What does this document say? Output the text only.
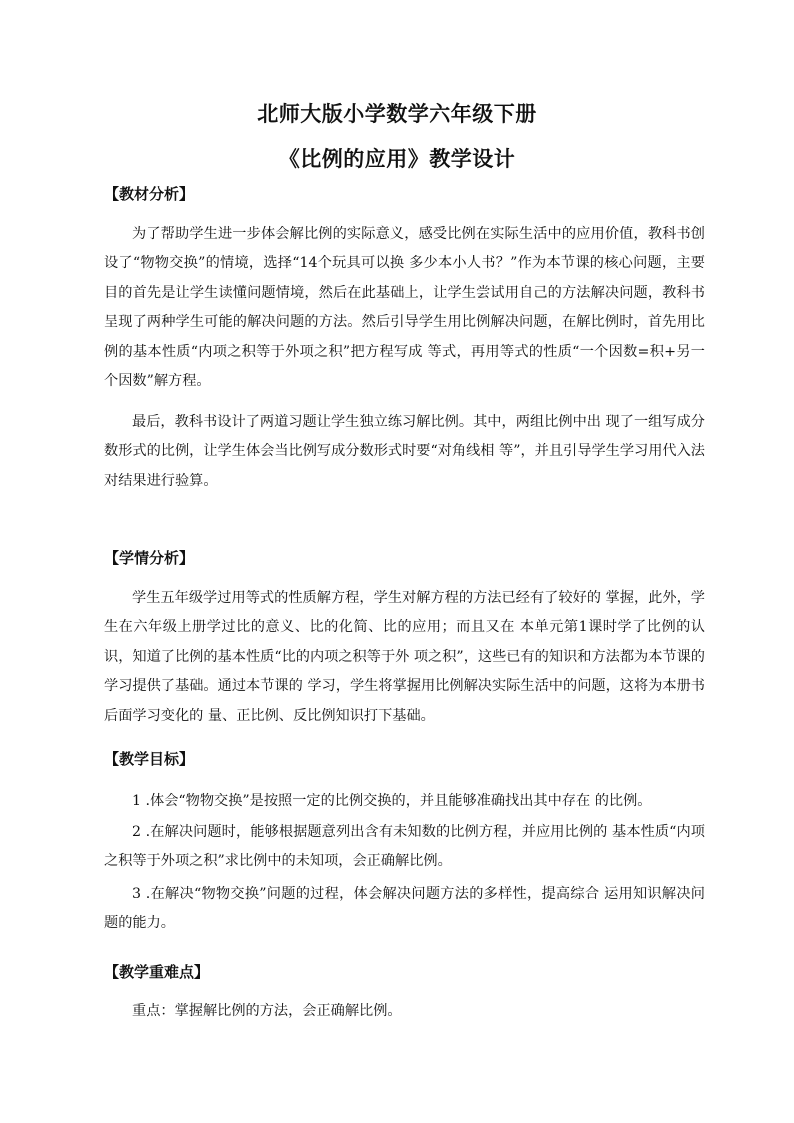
北师大版小学数学六年级下册
《比例的应用》教学设计
【教材分析】

为了帮助学生进一步体会解比例的实际意义，感受比例在实际生活中的应用价值，教科书创设了“物物交换”的情境，选择“14个玩具可以换 多少本小人书？”作为本节课的核心问题，主要目的首先是让学生读懂问题情境，然后在此基础上，让学生尝试用自己的方法解决问题，教科书呈现了两种学生可能的解决问题的方法。然后引导学生用比例解决问题，在解比例时，首先用比例的基本性质“内项之积等于外项之积”把方程写成 等式，再用等式的性质“一个因数=积+另一个因数”解方程。

最后，教科书设计了两道习题让学生独立练习解比例。其中，两组比例中出 现了一组写成分数形式的比例，让学生体会当比例写成分数形式时要“对角线相 等”，并且引导学生学习用代入法对结果进行验算。

【学情分析】

学生五年级学过用等式的性质解方程，学生对解方程的方法已经有了较好的 掌握，此外，学生在六年级上册学过比的意义、比的化简、比的应用；而且又在 本单元第1课时学了比例的认识，知道了比例的基本性质“比的内项之积等于外 项之积”，这些已有的知识和方法都为本节课的学习提供了基础。通过本节课的 学习，学生将掌握用比例解决实际生活中的问题，这将为本册书后面学习变化的 量、正比例、反比例知识打下基础。

【教学目标】

1 .体会“物物交换”是按照一定的比例交换的，并且能够准确找出其中存在 的比例。

2 .在解决问题时，能够根据题意列出含有未知数的比例方程，并应用比例的 基本性质“内项之积等于外项之积”求比例中的未知项，会正确解比例。

3 .在解决“物物交换”问题的过程，体会解决问题方法的多样性，提高综合 运用知识解决问题的能力。

【教学重难点】

重点：掌握解比例的方法，会正确解比例。
